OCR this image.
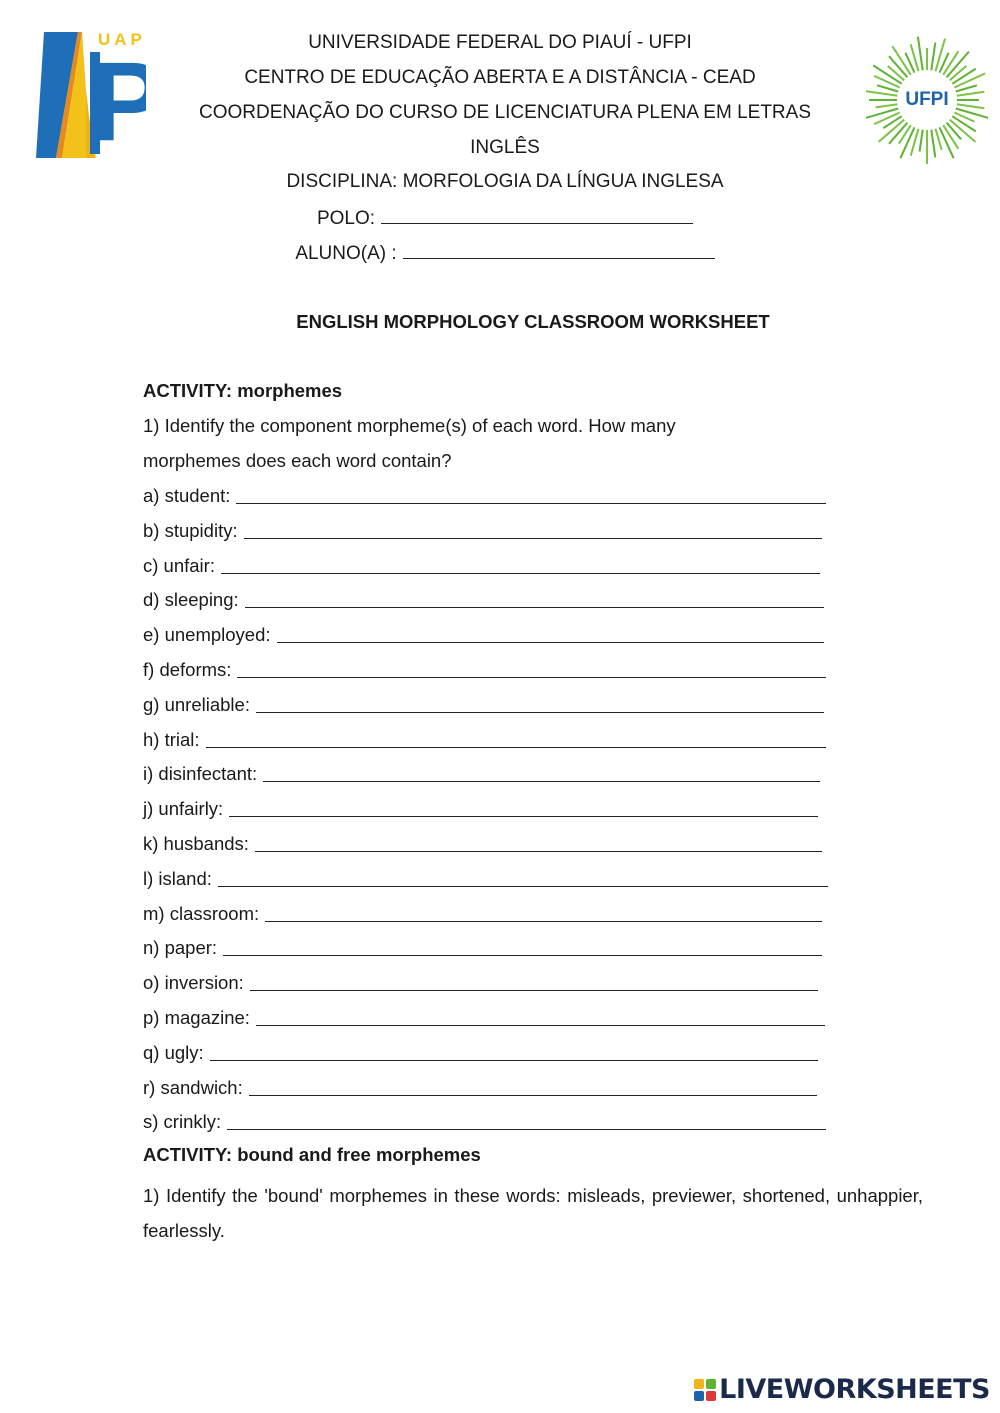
UAP
P	UFPI
UNIVERSIDADE FEDERAL DO PIAUÍ - UFPI
CENTRO DE EDUCAÇÃO ABERTA E A DISTÂNCIA - CEAD
COORDENAÇÃO DO CURSO DE LICENCIATURA PLENA EM LETRAS
INGLÊS
DISCIPLINA: MORFOLOGIA DA LÍNGUA INGLESA
POLO:
ALUNO(A) :
ENGLISH MORPHOLOGY CLASSROOM WORKSHEET
ACTIVITY: morphemes
1) Identify the component morpheme(s) of each word. How many
morphemes does each word contain?
a) student:
b) stupidity:
c) unfair:
d) sleeping:
e) unemployed:
f) deforms:
g) unreliable:
h) trial:
i) disinfectant:
j) unfairly:
k) husbands:
l) island:
m) classroom:
n) paper:
o) inversion:
p) magazine:
q) ugly:
r) sandwich:
s) crinkly:
ACTIVITY: bound and free morphemes
1) Identify the 'bound' morphemes in these words: misleads, previewer, shortened, unhappier, fearlessly.
LIVEWORKSHEETS
